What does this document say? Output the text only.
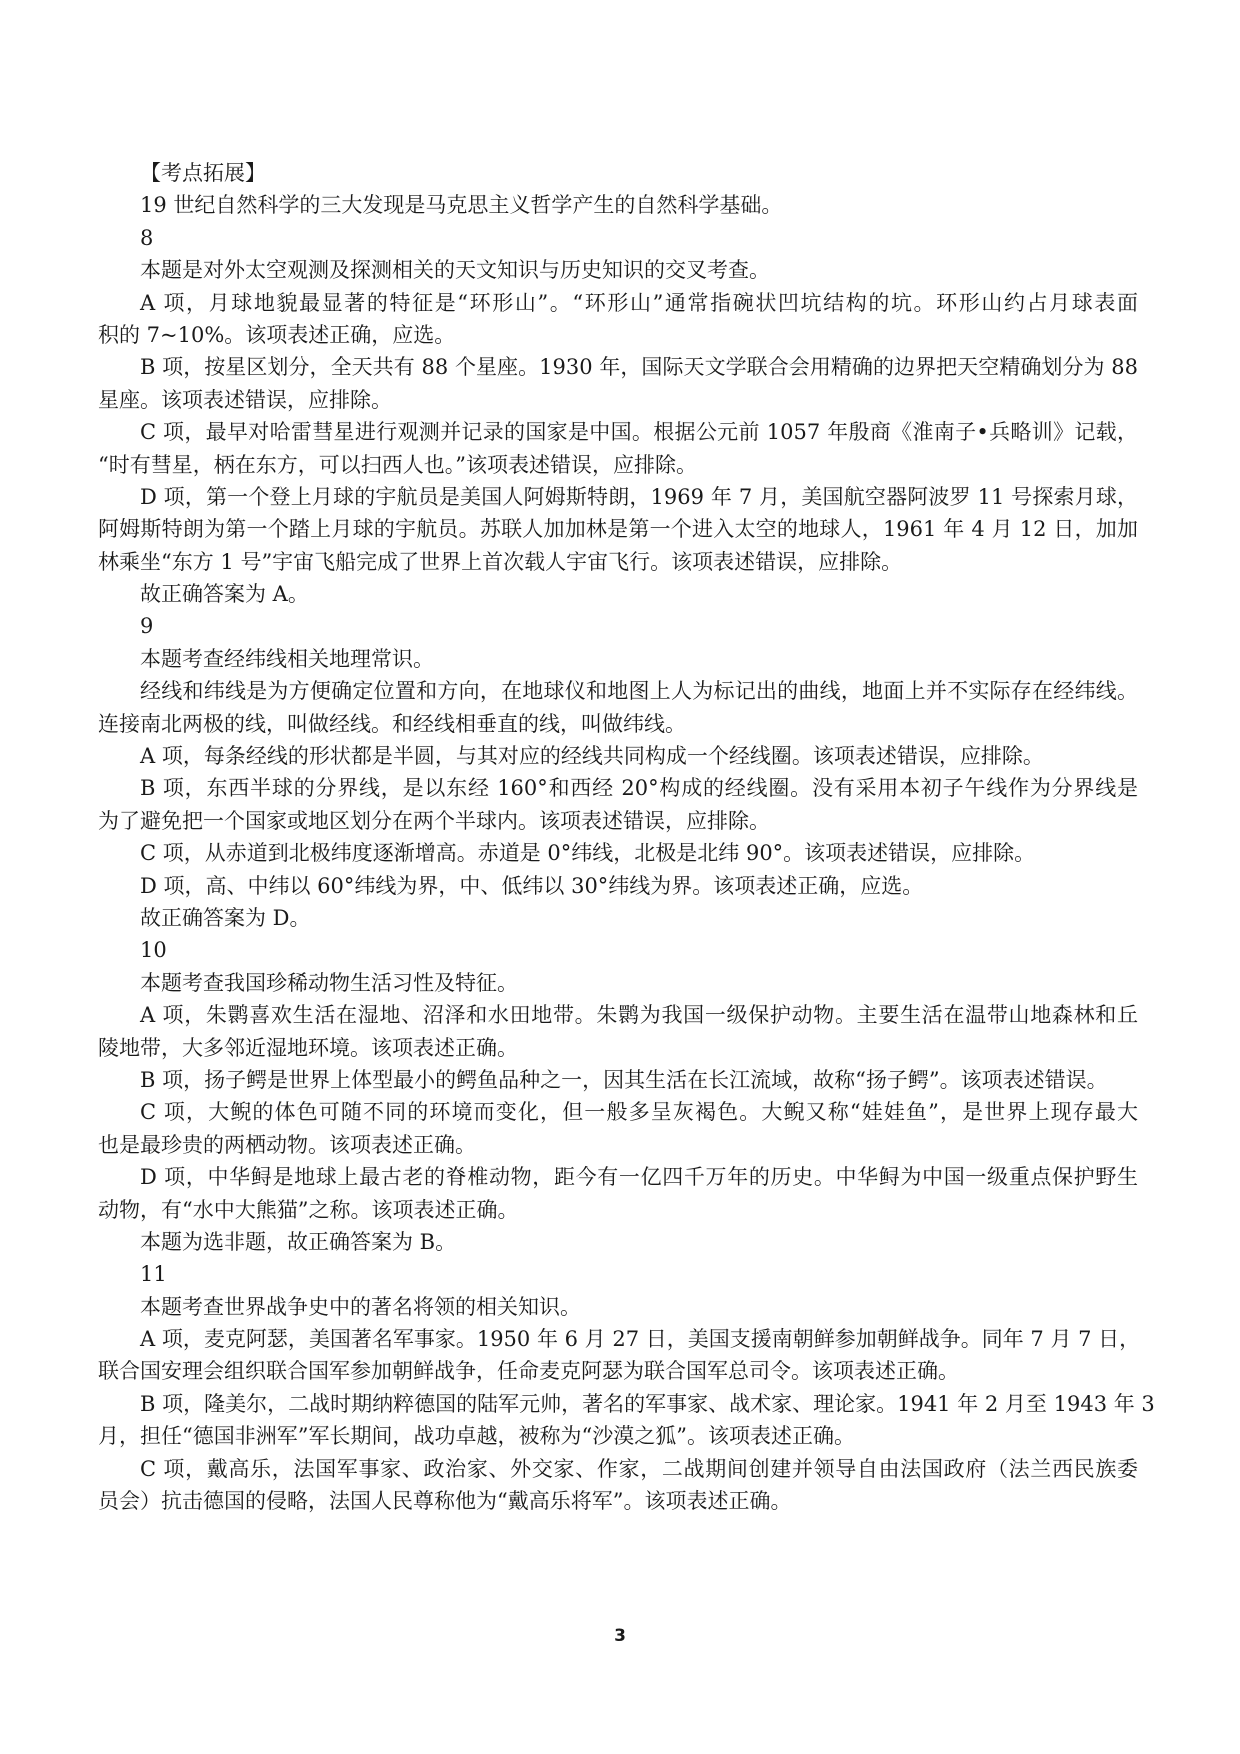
【考点拓展】
19 世纪自然科学的三大发现是马克思主义哲学产生的自然科学基础。
8
本题是对外太空观测及探测相关的天文知识与历史知识的交叉考查。
A 项，月球地貌最显著的特征是“环形山”。“环形山”通常指碗状凹坑结构的坑。环形山约占月球表面
积的 7~10%。该项表述正确，应选。
B 项，按星区划分，全天共有 88 个星座。1930 年，国际天文学联合会用精确的边界把天空精确划分为 88
星座。该项表述错误，应排除。
C 项，最早对哈雷彗星进行观测并记录的国家是中国。根据公元前 1057 年殷商《淮南子•兵略训》记载，
“时有彗星，柄在东方，可以扫西人也。”该项表述错误，应排除。
D 项，第一个登上月球的宇航员是美国人阿姆斯特朗，1969 年 7 月，美国航空器阿波罗 11 号探索月球，
阿姆斯特朗为第一个踏上月球的宇航员。苏联人加加林是第一个进入太空的地球人，1961 年 4 月 12 日，加加
林乘坐“东方 1 号”宇宙飞船完成了世界上首次载人宇宙飞行。该项表述错误，应排除。
故正确答案为 A。
9
本题考查经纬线相关地理常识。
经线和纬线是为方便确定位置和方向，在地球仪和地图上人为标记出的曲线，地面上并不实际存在经纬线。
连接南北两极的线，叫做经线。和经线相垂直的线，叫做纬线。
A 项，每条经线的形状都是半圆，与其对应的经线共同构成一个经线圈。该项表述错误，应排除。
B 项，东西半球的分界线，是以东经 160°和西经 20°构成的经线圈。没有采用本初子午线作为分界线是
为了避免把一个国家或地区划分在两个半球内。该项表述错误，应排除。
C 项，从赤道到北极纬度逐渐增高。赤道是 0°纬线，北极是北纬 90°。该项表述错误，应排除。
D 项，高、中纬以 60°纬线为界，中、低纬以 30°纬线为界。该项表述正确，应选。
故正确答案为 D。
10
本题考查我国珍稀动物生活习性及特征。
A 项，朱鹮喜欢生活在湿地、沼泽和水田地带。朱鹮为我国一级保护动物。主要生活在温带山地森林和丘
陵地带，大多邻近湿地环境。该项表述正确。
B 项，扬子鳄是世界上体型最小的鳄鱼品种之一，因其生活在长江流域，故称“扬子鳄”。该项表述错误。
C 项，大鲵的体色可随不同的环境而变化，但一般多呈灰褐色。大鲵又称“娃娃鱼”，是世界上现存最大
也是最珍贵的两栖动物。该项表述正确。
D 项，中华鲟是地球上最古老的脊椎动物，距今有一亿四千万年的历史。中华鲟为中国一级重点保护野生
动物，有“水中大熊猫”之称。该项表述正确。
本题为选非题，故正确答案为 B。
11
本题考查世界战争史中的著名将领的相关知识。
A 项，麦克阿瑟，美国著名军事家。1950 年 6 月 27 日，美国支援南朝鲜参加朝鲜战争。同年 7 月 7 日，
联合国安理会组织联合国军参加朝鲜战争，任命麦克阿瑟为联合国军总司令。该项表述正确。
B 项，隆美尔，二战时期纳粹德国的陆军元帅，著名的军事家、战术家、理论家。1941 年 2 月至 1943 年 3
月，担任“德国非洲军”军长期间，战功卓越，被称为“沙漠之狐”。该项表述正确。
C 项，戴高乐，法国军事家、政治家、外交家、作家，二战期间创建并领导自由法国政府（法兰西民族委
员会）抗击德国的侵略，法国人民尊称他为“戴高乐将军”。该项表述正确。
3
